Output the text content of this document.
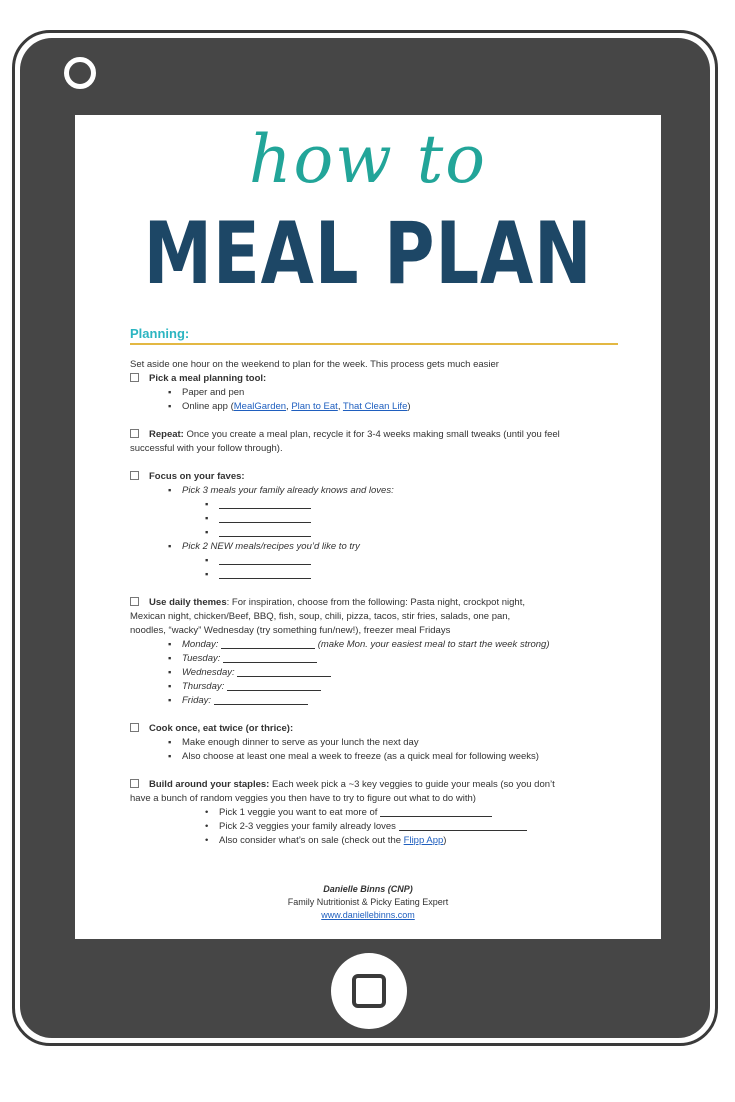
how to
MEAL PLAN
Planning:
Set aside one hour on the weekend to plan for the week. This process gets much easier
Pick a meal planning tool:
▪ Paper and pen
▪ Online app (MealGarden, Plan to Eat, That Clean Life)
Repeat: Once you create a meal plan, recycle it for 3-4 weeks making small tweaks (until you feel
successful with your follow through).
Focus on your faves:
▪ Pick 3 meals your family already knows and loves:
▪
▪
▪
▪ Pick 2 NEW meals/recipes you’d like to try
▪
▪
Use daily themes: For inspiration, choose from the following: Pasta night, crockpot night,
Mexican night, chicken/Beef, BBQ, fish, soup, chili, pizza, tacos, stir fries, salads, one pan,
noodles, “wacky” Wednesday (try something fun/new!), freezer meal Fridays
▪ Monday:	(make Mon. your easiest meal to start the week strong)
▪ Tuesday:
▪ Wednesday:
▪ Thursday:
▪ Friday:
Cook once, eat twice (or thrice):
▪ Make enough dinner to serve as your lunch the next day
▪ Also choose at least one meal a week to freeze (as a quick meal for following weeks)
Build around your staples: Each week pick a ~3 key veggies to guide your meals (so you don’t
have a bunch of random veggies you then have to try to figure out what to do with)
• Pick 1 veggie you want to eat more of
• Pick 2-3 veggies your family already loves
• Also consider what’s on sale (check out the Flipp App)
Danielle Binns (CNP)
Family Nutritionist & Picky Eating Expert
www.daniellebinns.com
